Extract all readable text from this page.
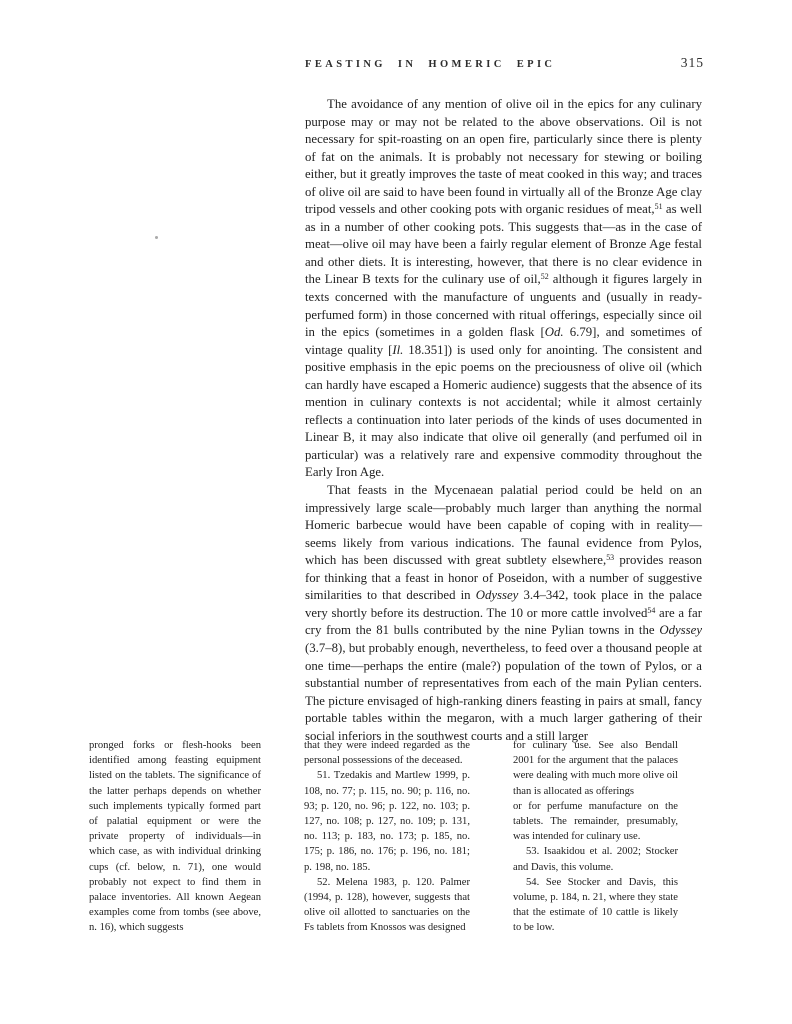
FEASTING IN HOMERIC EPIC	315

The avoidance of any mention of olive oil in the epics for any culinary purpose may or may not be related to the above observations. Oil is not necessary for spit-roasting on an open fire, particularly since there is plenty of fat on the animals. It is probably not necessary for stewing or boiling either, but it greatly improves the taste of meat cooked in this way; and traces of olive oil are said to have been found in virtually all of the Bronze Age clay tripod vessels and other cooking pots with organic residues of meat,$^{51}$ as well as in a number of other cooking pots. This suggests that—as in the case of meat—olive oil may have been a fairly regular element of Bronze Age festal and other diets. It is interesting, however, that there is no clear evidence in the Linear B texts for the culinary use of oil,$^{52}$ although it figures largely in texts concerned with the manufacture of unguents and (usually in ready-perfumed form) in those concerned with ritual offerings, especially since oil in the epics (sometimes in a golden flask [Od. 6.79], and sometimes of vintage quality [Il. 18.351]) is used only for anointing. The consistent and positive emphasis in the epic poems on the preciousness of olive oil (which can hardly have escaped a Homeric audience) suggests that the absence of its mention in culinary contexts is not accidental; while it almost certainly reflects a continuation into later periods of the kinds of uses documented in Linear B, it may also indicate that olive oil generally (and perfumed oil in particular) was a relatively rare and expensive commodity throughout the Early Iron Age.

That feasts in the Mycenaean palatial period could be held on an impressively large scale—probably much larger than anything the normal Homeric barbecue would have been capable of coping with in reality—seems likely from various indications. The faunal evidence from Pylos, which has been discussed with great subtlety elsewhere,$^{53}$ provides reason for thinking that a feast in honor of Poseidon, with a number of suggestive similarities to that described in Odyssey 3.4–342, took place in the palace very shortly before its destruction. The 10 or more cattle involved$^{54}$ are a far cry from the 81 bulls contributed by the nine Pylian towns in the Odyssey (3.7–8), but probably enough, nevertheless, to feed over a thousand people at one time—perhaps the entire (male?) population of the town of Pylos, or a substantial number of representatives from each of the main Pylian centers. The picture envisaged of high-ranking diners feasting in pairs at small, fancy portable tables within the megaron, with a much larger gathering of their social inferiors in the southwest courts and a still larger

pronged forks or flesh-hooks been identified among feasting equipment listed on the tablets. The significance of the latter perhaps depends on whether such implements typically formed part of palatial equipment or were the private property of individuals—in which case, as with individual drinking cups (cf. below, n. 71), one would probably not expect to find them in palace inventories. All known Aegean examples come from tombs (see above, n. 16), which suggests

that they were indeed regarded as the personal possessions of the deceased.

51. Tzedakis and Martlew 1999, p. 108, no. 77; p. 115, no. 90; p. 116, no. 93; p. 120, no. 96; p. 122, no. 103; p. 127, no. 108; p. 127, no. 109; p. 131, no. 113; p. 183, no. 173; p. 185, no. 175; p. 186, no. 176; p. 196, no. 181; p. 198, no. 185.

52. Melena 1983, p. 120. Palmer (1994, p. 128), however, suggests that olive oil allotted to sanctuaries on the Fs tablets from Knossos was designed

for culinary use. See also Bendall 2001 for the argument that the palaces were dealing with much more olive oil than is allocated as offerings
or for perfume manufacture on the tablets. The remainder, presumably, was intended for culinary use.

53. Isaakidou et al. 2002; Stocker and Davis, this volume.

54. See Stocker and Davis, this volume, p. 184, n. 21, where they state that the estimate of 10 cattle is likely to be low.
